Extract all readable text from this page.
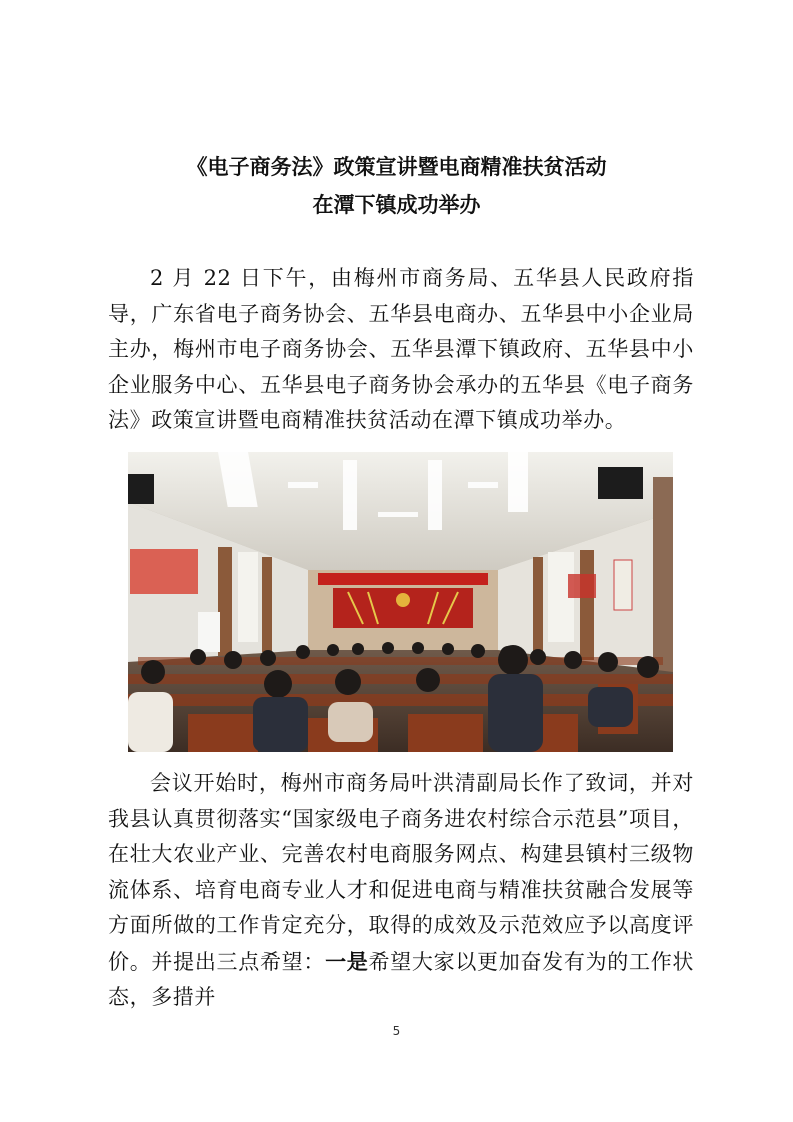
《电子商务法》政策宣讲暨电商精准扶贫活动
在潭下镇成功举办
2 月 22 日下午，由梅州市商务局、五华县人民政府指导，广东省电子商务协会、五华县电商办、五华县中小企业局主办，梅州市电子商务协会、五华县潭下镇政府、五华县中小企业服务中心、五华县电子商务协会承办的五华县《电子商务法》政策宣讲暨电商精准扶贫活动在潭下镇成功举办。
会议开始时，梅州市商务局叶洪清副局长作了致词，并对我县认真贯彻落实“国家级电子商务进农村综合示范县”项目，在壮大农业产业、完善农村电商服务网点、构建县镇村三级物流体系、培育电商专业人才和促进电商与精准扶贫融合发展等方面所做的工作肯定充分，取得的成效及示范效应予以高度评价。并提出三点希望：一是希望大家以更加奋发有为的工作状态，多措并
5
